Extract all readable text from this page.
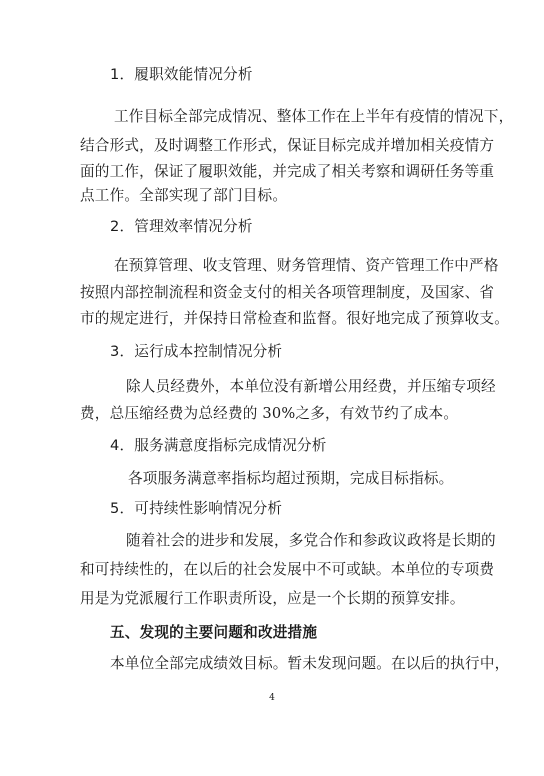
1．履职效能情况分析
工作目标全部完成情况、整体工作在上半年有疫情的情况下，
结合形式，及时调整工作形式，保证目标完成并增加相关疫情方
面的工作，保证了履职效能，并完成了相关考察和调研任务等重
点工作。全部实现了部门目标。
2．管理效率情况分析
在预算管理、收支管理、财务管理情、资产管理工作中严格
按照内部控制流程和资金支付的相关各项管理制度，及国家、省
市的规定进行，并保持日常检查和监督。很好地完成了预算收支。
3．运行成本控制情况分析
除人员经费外，本单位没有新增公用经费，并压缩专项经
费，总压缩经费为总经费的 30%之多，有效节约了成本。
4．服务满意度指标完成情况分析
各项服务满意率指标均超过预期，完成目标指标。
5．可持续性影响情况分析
随着社会的进步和发展，多党合作和参政议政将是长期的
和可持续性的，在以后的社会发展中不可或缺。本单位的专项费
用是为党派履行工作职责所设，应是一个长期的预算安排。
五、发现的主要问题和改进措施
本单位全部完成绩效目标。暂未发现问题。在以后的执行中，
4
